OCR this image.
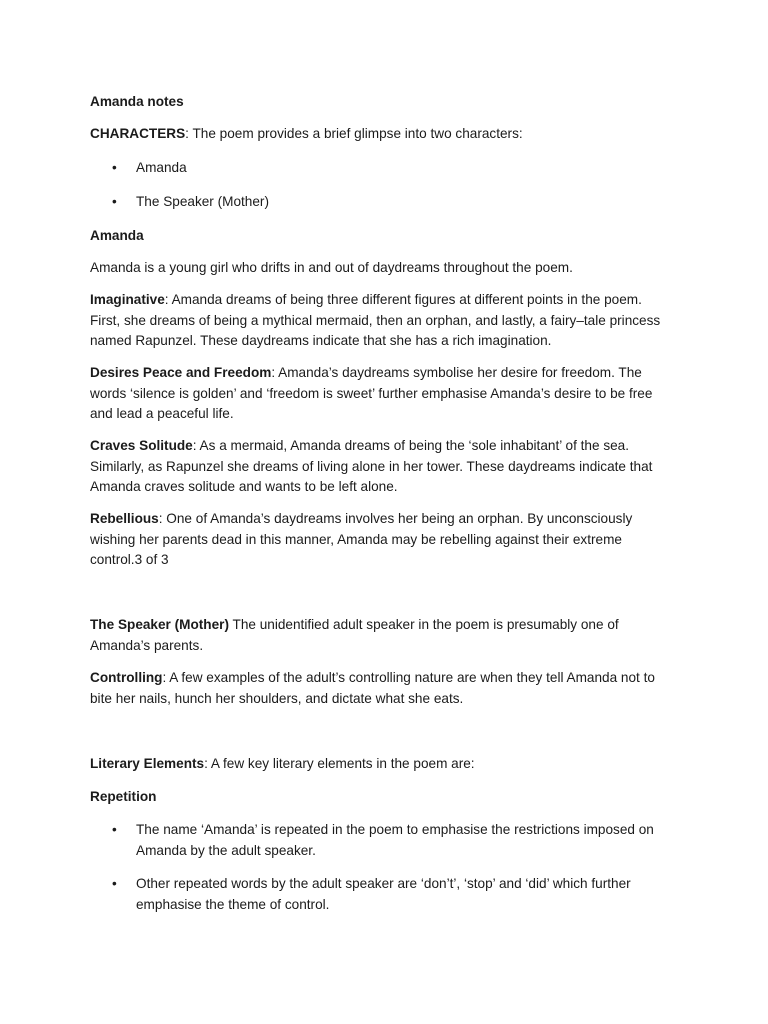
Amanda notes

CHARACTERS: The poem provides a brief glimpse into two characters:

• Amanda

• The Speaker (Mother)

Amanda

Amanda is a young girl who drifts in and out of daydreams throughout the poem.

Imaginative: Amanda dreams of being three different figures at different points in the poem.
First, she dreams of being a mythical mermaid, then an orphan, and lastly, a fairy–tale princess
named Rapunzel. These daydreams indicate that she has a rich imagination.
Desires Peace and Freedom: Amanda’s daydreams symbolise her desire for freedom. The
words ‘silence is golden’ and ‘freedom is sweet’ further emphasise Amanda’s desire to be free
and lead a peaceful life.
Craves Solitude: As a mermaid, Amanda dreams of being the ‘sole inhabitant’ of the sea.
Similarly, as Rapunzel she dreams of living alone in her tower. These daydreams indicate that
Amanda craves solitude and wants to be left alone.
Rebellious: One of Amanda’s daydreams involves her being an orphan. By unconsciously
wishing her parents dead in this manner, Amanda may be rebelling against their extreme
control.3 of 3
The Speaker (Mother) The unidentified adult speaker in the poem is presumably one of
Amanda’s parents.
Controlling: A few examples of the adult’s controlling nature are when they tell Amanda not to
bite her nails, hunch her shoulders, and dictate what she eats.

Literary Elements: A few key literary elements in the poem are:

Repetition

• The name ‘Amanda’ is repeated in the poem to emphasise the restrictions imposed on
Amanda by the adult speaker.
• Other repeated words by the adult speaker are ‘don’t’, ‘stop’ and ‘did’ which further
emphasise the theme of control.
